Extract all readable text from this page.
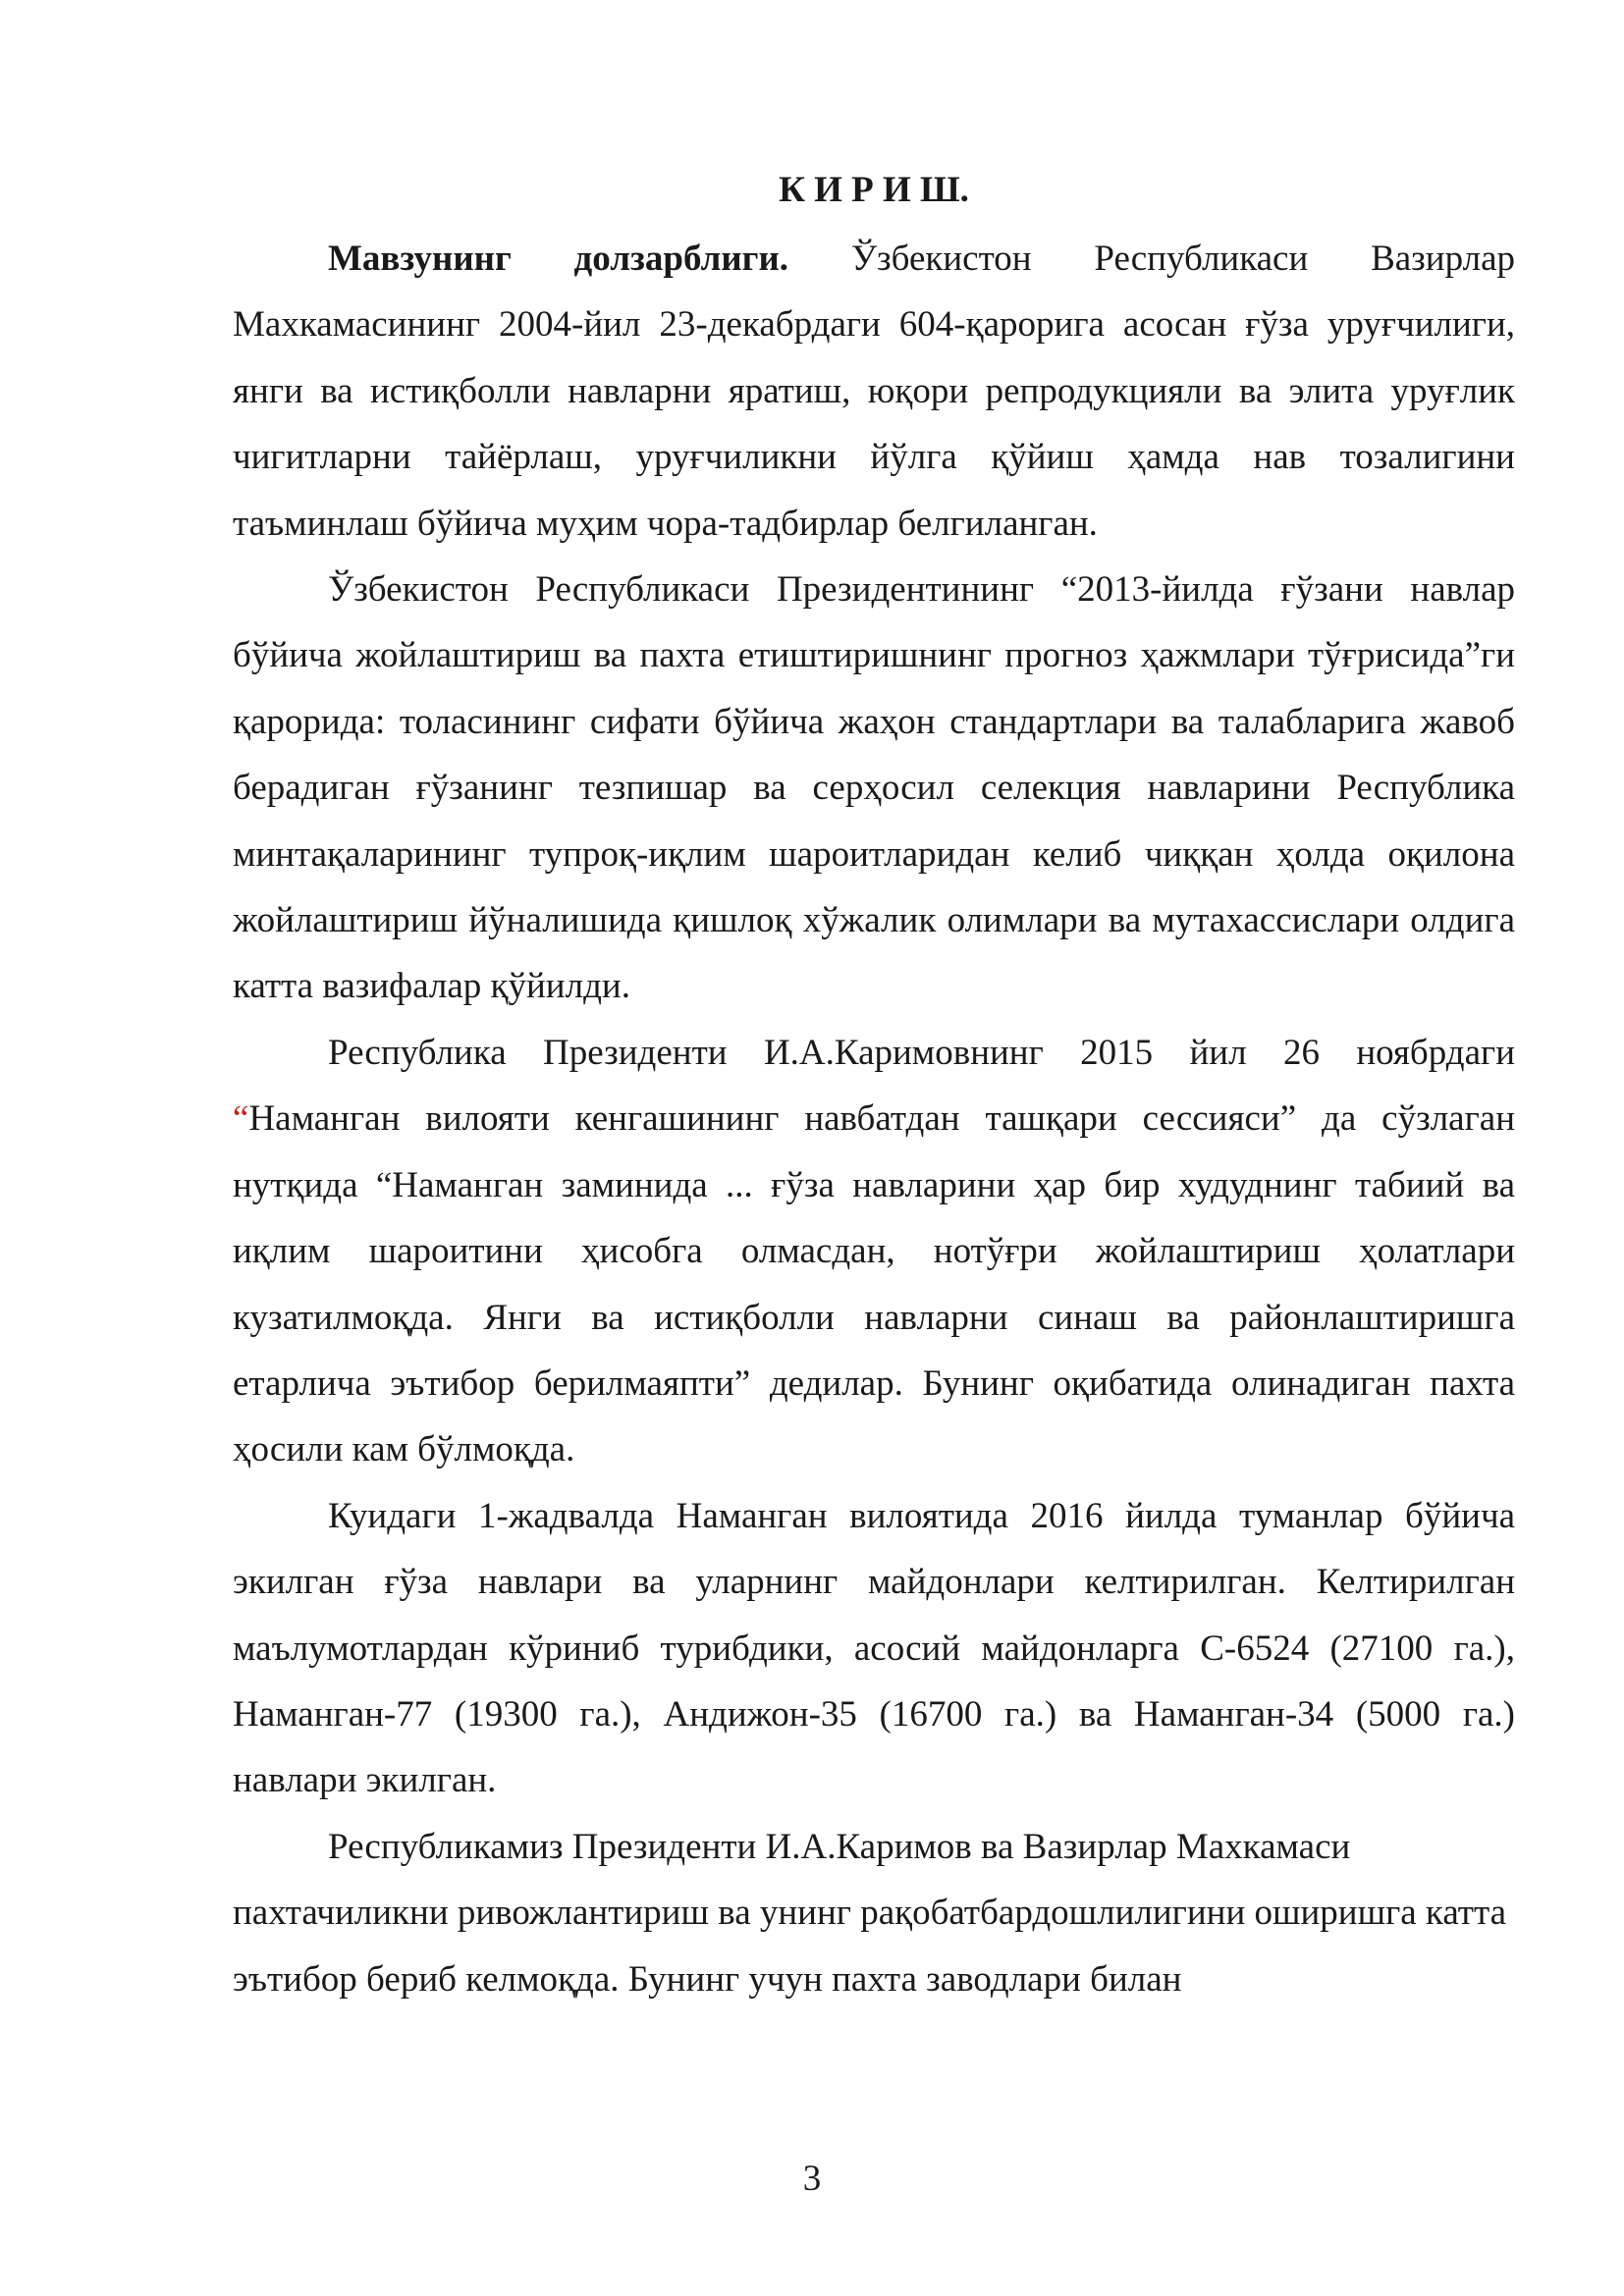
К И Р И Ш.

Мавзунинг долзарблиги. Ўзбекистон Республикаси Вазирлар Махкамасининг 2004-йил 23-декабрдаги 604-қарорига асосан ғўза уруғчилиги, янги ва истиқболли навларни яратиш, юқори репродукцияли ва элита уруғлик чигитларни тайёрлаш, уруғчиликни йўлга қўйиш ҳамда нав тозалигини таъминлаш бўйича муҳим чора-тадбирлар белгиланган.

Ўзбекистон Республикаси Президентининг “2013-йилда ғўзани навлар бўйича жойлаштириш ва пахта етиштиришнинг прогноз ҳажмлари тўғрисида”ги қарорида: толасининг сифати бўйича жаҳон стандартлари ва талабларига жавоб берадиган ғўзанинг тезпишар ва серҳосил селекция навларини Республика минтақаларининг тупроқ-иқлим шароитларидан келиб чиққан ҳолда оқилона жойлаштириш йўналишида қишлоқ хўжалик олимлари ва мутахассислари олдига катта вазифалар қўйилди.

Республика Президенти И.А.Каримовнинг 2015 йил 26 ноябрдаги “Наманган вилояти кенгашининг навбатдан ташқари сессияси” да сўзлаган нутқида “Наманган заминида ... ғўза навларини ҳар бир худуднинг табиий ва иқлим шароитини ҳисобга олмасдан, нотўғри жойлаштириш ҳолатлари кузатилмоқда. Янги ва истиқболли навларни синаш ва районлаштиришга етарлича эътибор берилмаяпти” дедилар. Бунинг оқибатида олинадиган пахта ҳосили кам бўлмоқда.

Куидаги 1-жадвалда Наманган вилоятида 2016 йилда туманлар бўйича экилган ғўза навлари ва уларнинг майдонлари келтирилган. Келтирилган маълумотлардан кўриниб турибдики, асосий майдонларга С-6524 (27100 га.), Наманган-77 (19300 га.), Андижон-35 (16700 га.) ва Наманган-34 (5000 га.) навлари экилган.

Республикамиз Президенти И.А.Каримов ва Вазирлар Махкамаси пахтачиликни ривожлантириш ва унинг рақобатбардошлилигини оширишга катта эътибор бериб келмоқда. Бунинг учун пахта заводлари билан

3
